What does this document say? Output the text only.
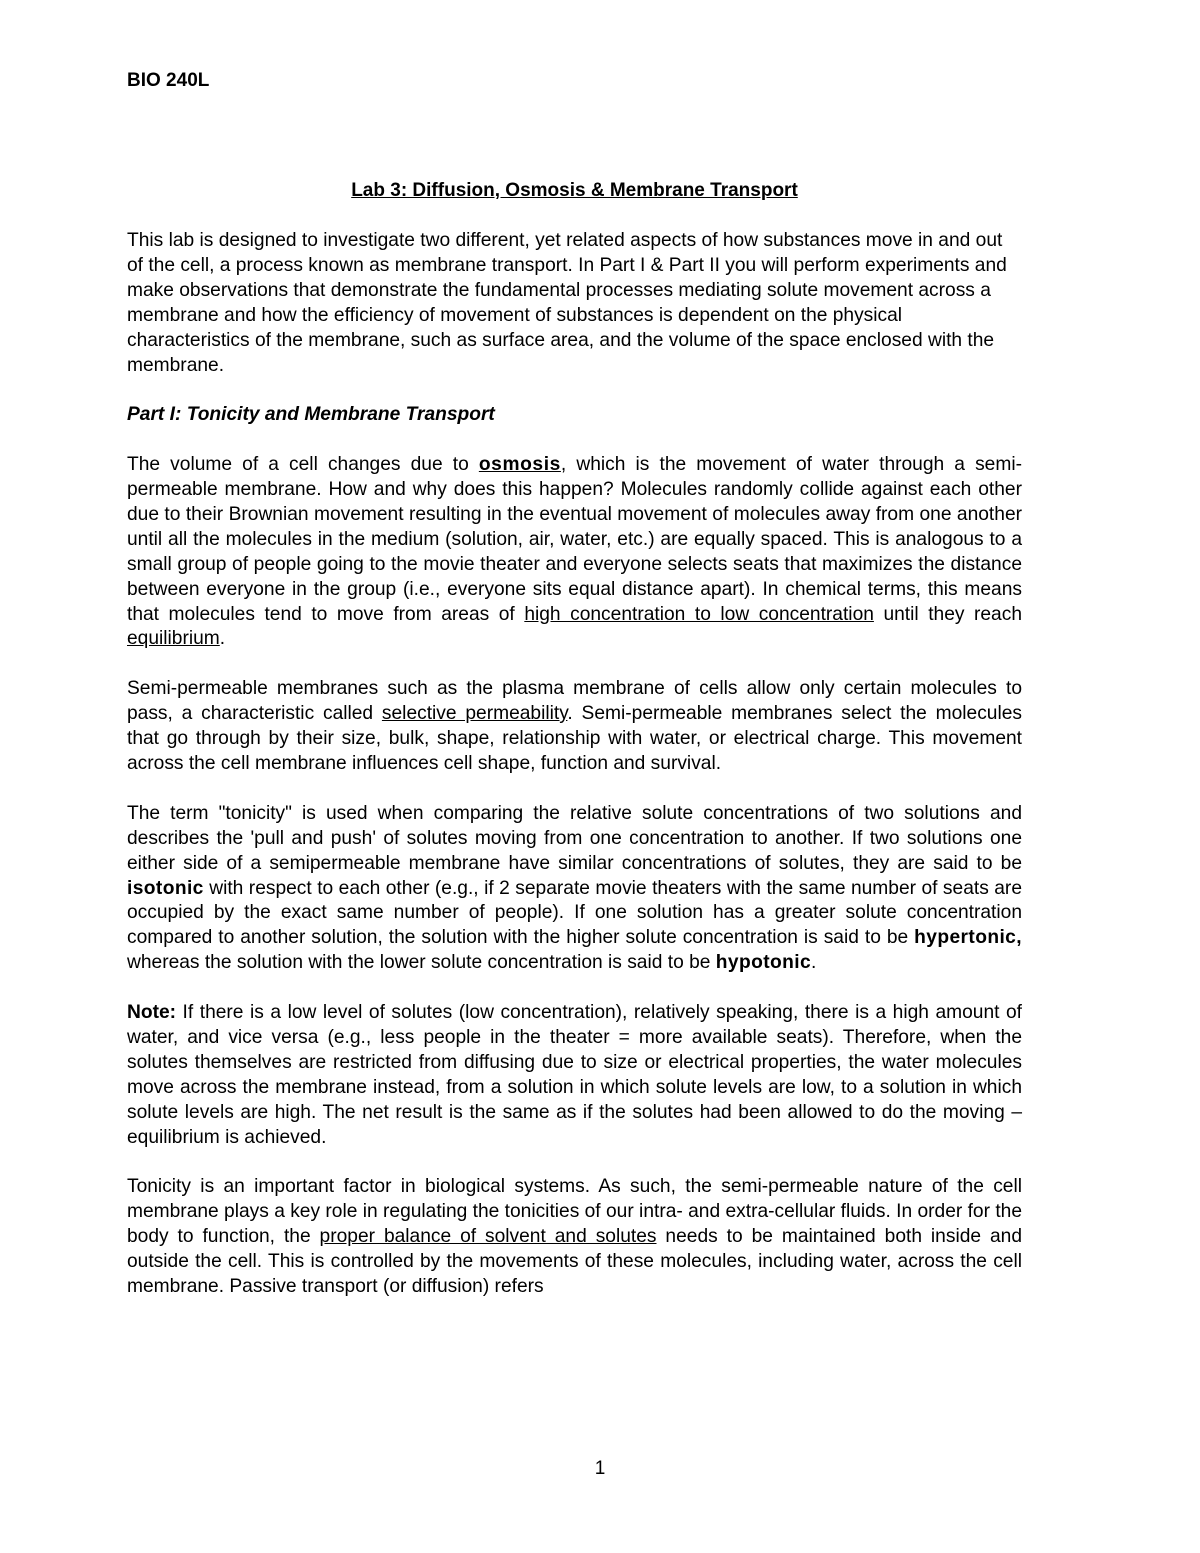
BIO 240L
Lab 3: Diffusion, Osmosis & Membrane Transport

This lab is designed to investigate two different, yet related aspects of how substances move in and out of the cell, a process known as membrane transport. In Part I & Part II you will perform experiments and make observations that demonstrate the fundamental processes mediating solute movement across a membrane and how the efficiency of movement of substances is dependent on the physical characteristics of the membrane, such as surface area, and the volume of the space enclosed with the membrane.

Part I: Tonicity and Membrane Transport

The volume of a cell changes due to osmosis, which is the movement of water through a semi-permeable membrane. How and why does this happen? Molecules randomly collide against each other due to their Brownian movement resulting in the eventual movement of molecules away from one another until all the molecules in the medium (solution, air, water, etc.) are equally spaced. This is analogous to a small group of people going to the movie theater and everyone selects seats that maximizes the distance between everyone in the group (i.e., everyone sits equal distance apart). In chemical terms, this means that molecules tend to move from areas of high concentration to low concentration until they reach equilibrium.

Semi-permeable membranes such as the plasma membrane of cells allow only certain molecules to pass, a characteristic called selective permeability. Semi-permeable membranes select the molecules that go through by their size, bulk, shape, relationship with water, or electrical charge. This movement across the cell membrane influences cell shape, function and survival.

The term "tonicity" is used when comparing the relative solute concentrations of two solutions and describes the 'pull and push' of solutes moving from one concentration to another. If two solutions one either side of a semipermeable membrane have similar concentrations of solutes, they are said to be isotonic with respect to each other (e.g., if 2 separate movie theaters with the same number of seats are occupied by the exact same number of people). If one solution has a greater solute concentration compared to another solution, the solution with the higher solute concentration is said to be hypertonic, whereas the solution with the lower solute concentration is said to be hypotonic.

Note: If there is a low level of solutes (low concentration), relatively speaking, there is a high amount of water, and vice versa (e.g., less people in the theater = more available seats). Therefore, when the solutes themselves are restricted from diffusing due to size or electrical properties, the water molecules move across the membrane instead, from a solution in which solute levels are low, to a solution in which solute levels are high. The net result is the same as if the solutes had been allowed to do the moving – equilibrium is achieved.

Tonicity is an important factor in biological systems. As such, the semi-permeable nature of the cell membrane plays a key role in regulating the tonicities of our intra- and extra-cellular fluids. In order for the body to function, the proper balance of solvent and solutes needs to be maintained both inside and outside the cell. This is controlled by the movements of these molecules, including water, across the cell membrane. Passive transport (or diffusion) refers

1
